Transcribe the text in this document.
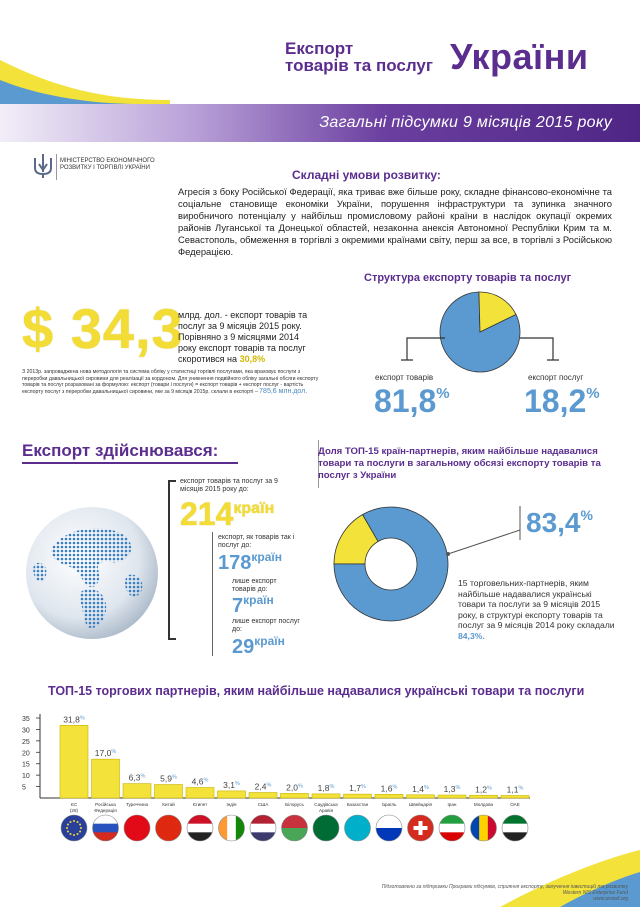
Експорт
товарів та послуг України
Загальні підсумки 9 місяців 2015 року
МІНІСТЕРСТВО ЕКОНОМІЧНОГО РОЗВИТКУ І ТОРГІВЛІ УКРАЇНИ	Складні умови розвитку:
Агресія з боку Російської Федерації, яка триває вже більше року, складне фінансово-економічне та соціальне становище економіки України, порушення інфраструктури та зупинка значного виробничого потенціалу у найбільш промисловому районі країни в наслідок окупації окремих районів Луганської та Донецької областей, незаконна анексія Автономної Республіки Крим та м. Севастополь, обмеження в торгівлі з окремими країнами світу, перш за все, в торгівлі з Російською Федерацією.
Структура експорту товарів та послуг
$ 34,3
млрд. дол. - експорт товарів та послуг за 9 місяців 2015 року. Порівняно з 9 місяцями 2014 року експорт товарів та послуг скоротився на 30,8%
З 2013р. запроваджена нова методологія та система обліку у статистиці торгівлі послугами, яка враховує послуги з переробки давальницької сировини для реалізації за кордоном. Для уникнення подвійного обліку загальні обсяги експорту товарів та послуг розраховані за формулою: експорт (товари і послуги) = експорт товарів + експорт послуг - вартість експорту послуг з переробки давальницької сировини, яке за 9 місяців 2015р. склали в експорті – 785,6 млн.дол.
експорт товарів	експорт послуг
81,8% 18,2%
Експорт здійснювався:
експорт товарів та послуг за 9 місяців 2015 року до:
$214^{країн}$
експорт, як товарів так і послуг до:
$178^{країн}$
лише експорт товарів до:
$7^{країн}$
лише експорт послуг до:
$29^{країн}$
Доля ТОП-15 країн-партнерів, яким найбільше надавалися товари та послуги в загальному обсязі експорту товарів та послуг з України
83,4%
15 торговельних-партнерів, яким найбільше надавалися українські товари та послуги за 9 місяців 2015 року, в структурі експорту товарів та послуг за 9 місяців 2014 року складали 84,3%.
ТОП-15 торгових партнерів, яким найбільше надавалися українські товари та послуги
35
30
25
20
15
10
5
31,8%
ЄС
(28)
17,0%
Російська
Федерація
6,3%
Туреччина
5,9%
Китай
4,6%
Єгипет
3,1%
Індія
2,4%
США
2,0%
Білорусь
1,8%
Саудівська
Аравія
1,7%
Казахстан
1,6%
Ізраїль
1,4%
Швейцарія
1,3%
Іран
1,2%
Молдова
1,1%
ОАЕ
Підготовлено за підтримки Програми підсумків, сприяння експорту, залучення інвестицій та розвитку Western NIS Enterprise Fund
www.wnisef.org
